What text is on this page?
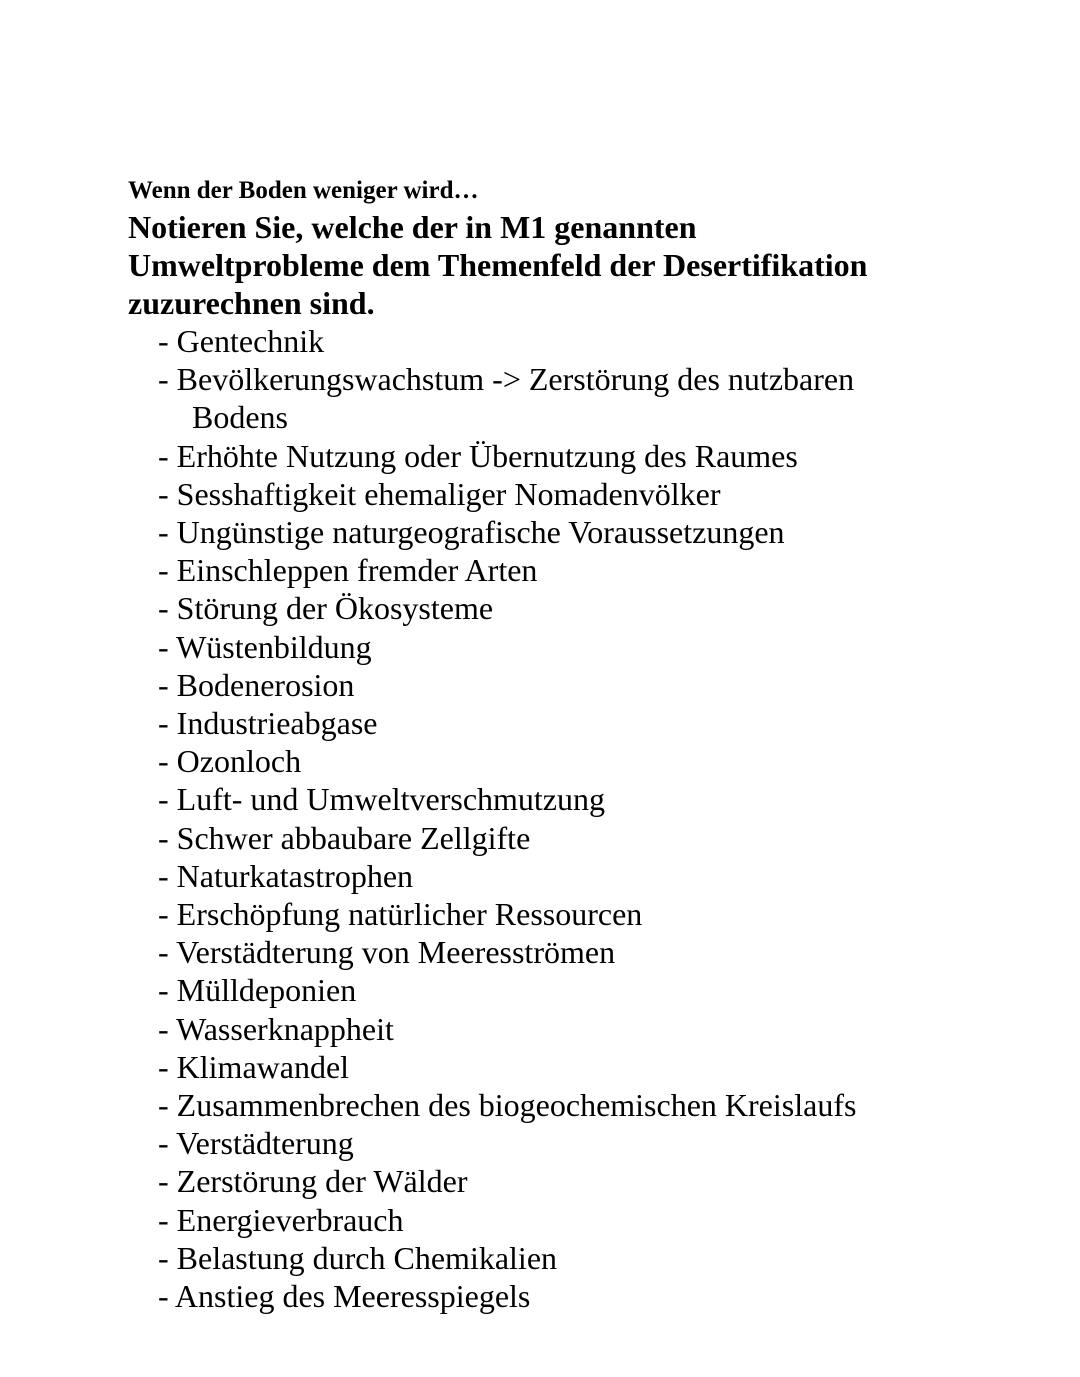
Wenn der Boden weniger wird…

Notieren Sie, welche der in M1 genannten
Umweltprobleme dem Themenfeld der Desertifikation
zuzurechnen sind.

- Gentechnik
- Bevölkerungswachstum -> Zerstörung des nutzbaren
Bodens
- Erhöhte Nutzung oder Übernutzung des Raumes
- Sesshaftigkeit ehemaliger Nomadenvölker
- Ungünstige naturgeografische Voraussetzungen
- Einschleppen fremder Arten
- Störung der Ökosysteme
- Wüstenbildung
- Bodenerosion
- Industrieabgase
- Ozonloch
- Luft- und Umweltverschmutzung
- Schwer abbaubare Zellgifte
- Naturkatastrophen
- Erschöpfung natürlicher Ressourcen
- Verstädterung von Meeresströmen
- Mülldeponien
- Wasserknappheit
- Klimawandel
- Zusammenbrechen des biogeochemischen Kreislaufs
- Verstädterung
- Zerstörung der Wälder
- Energieverbrauch
- Belastung durch Chemikalien
- Anstieg des Meeresspiegels
